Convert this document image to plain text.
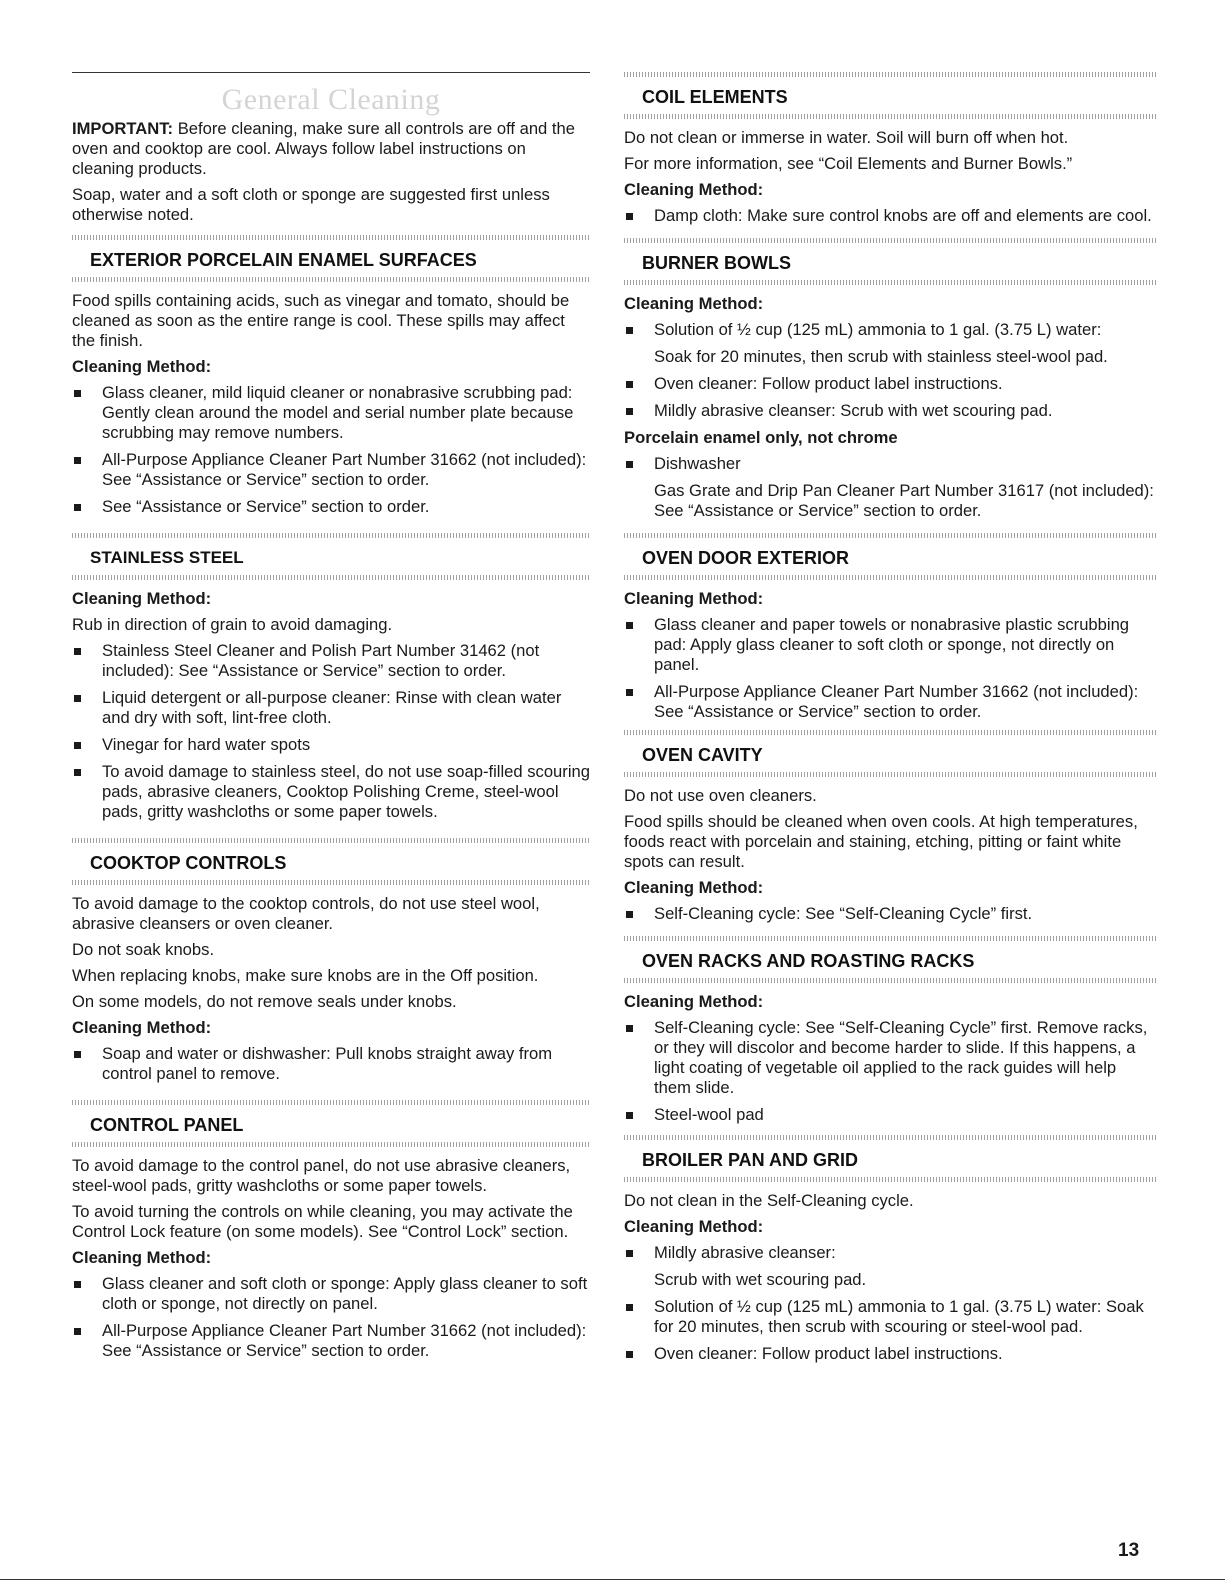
General Cleaning

IMPORTANT: Before cleaning, make sure all controls are off and the oven and cooktop are cool. Always follow label instructions on cleaning products.

Soap, water and a soft cloth or sponge are suggested first unless otherwise noted.

EXTERIOR PORCELAIN ENAMEL SURFACES

Food spills containing acids, such as vinegar and tomato, should be cleaned as soon as the entire range is cool. These spills may affect the finish.

Cleaning Method:
Glass cleaner, mild liquid cleaner or nonabrasive scrubbing pad: Gently clean around the model and serial number plate because scrubbing may remove numbers.
All-Purpose Appliance Cleaner Part Number 31662 (not included):
See “Assistance or Service” section to order.
See “Assistance or Service” section to order.
STAINLESS STEEL
Cleaning Method:

Rub in direction of grain to avoid damaging.

Stainless Steel Cleaner and Polish Part Number 31462 (not included): See “Assistance or Service” section to order.
Liquid detergent or all-purpose cleaner: Rinse with clean water and dry with soft, lint-free cloth.
Vinegar for hard water spots
To avoid damage to stainless steel, do not use soap-filled scouring pads, abrasive cleaners, Cooktop Polishing Creme, steel-wool pads, gritty washcloths or some paper towels.
COOKTOP CONTROLS

To avoid damage to the cooktop controls, do not use steel wool, abrasive cleansers or oven cleaner.

Do not soak knobs.

When replacing knobs, make sure knobs are in the Off position.

On some models, do not remove seals under knobs.

Cleaning Method:
Soap and water or dishwasher: Pull knobs straight away from control panel to remove.
CONTROL PANEL

To avoid damage to the control panel, do not use abrasive cleaners, steel-wool pads, gritty washcloths or some paper towels.

To avoid turning the controls on while cleaning, you may activate the Control Lock feature (on some models). See “Control Lock” section.

Cleaning Method:
Glass cleaner and soft cloth or sponge: Apply glass cleaner to soft cloth or sponge, not directly on panel.
All-Purpose Appliance Cleaner Part Number 31662 (not included):
See “Assistance or Service” section to order.
COIL ELEMENTS

Do not clean or immerse in water. Soil will burn off when hot.

For more information, see “Coil Elements and Burner Bowls.”

Cleaning Method:
Damp cloth: Make sure control knobs are off and elements are cool.
BURNER BOWLS
Cleaning Method:
Solution of ½ cup (125 mL) ammonia to 1 gal. (3.75 L) water:
Soak for 20 minutes, then scrub with stainless steel-wool pad.
Oven cleaner: Follow product label instructions.
Mildly abrasive cleanser: Scrub with wet scouring pad.
Porcelain enamel only, not chrome
Dishwasher
Gas Grate and Drip Pan Cleaner Part Number 31617 (not included):
See “Assistance or Service” section to order.
OVEN DOOR EXTERIOR
Cleaning Method:
Glass cleaner and paper towels or nonabrasive plastic scrubbing pad: Apply glass cleaner to soft cloth or sponge, not directly on panel.
All-Purpose Appliance Cleaner Part Number 31662 (not included):
See “Assistance or Service” section to order.
OVEN CAVITY

Do not use oven cleaners.

Food spills should be cleaned when oven cools. At high temperatures, foods react with porcelain and staining, etching, pitting or faint white spots can result.

Cleaning Method:
Self-Cleaning cycle: See “Self-Cleaning Cycle” first.
OVEN RACKS AND ROASTING RACKS
Cleaning Method:
Self-Cleaning cycle: See “Self-Cleaning Cycle” first. Remove racks, or they will discolor and become harder to slide. If this happens, a light coating of vegetable oil applied to the rack guides will help them slide.
Steel-wool pad
BROILER PAN AND GRID

Do not clean in the Self-Cleaning cycle.

Cleaning Method:
Mildly abrasive cleanser:
Scrub with wet scouring pad.
Solution of ½ cup (125 mL) ammonia to 1 gal. (3.75 L) water: Soak for 20 minutes, then scrub with scouring or steel-wool pad.
Oven cleaner: Follow product label instructions.
13
